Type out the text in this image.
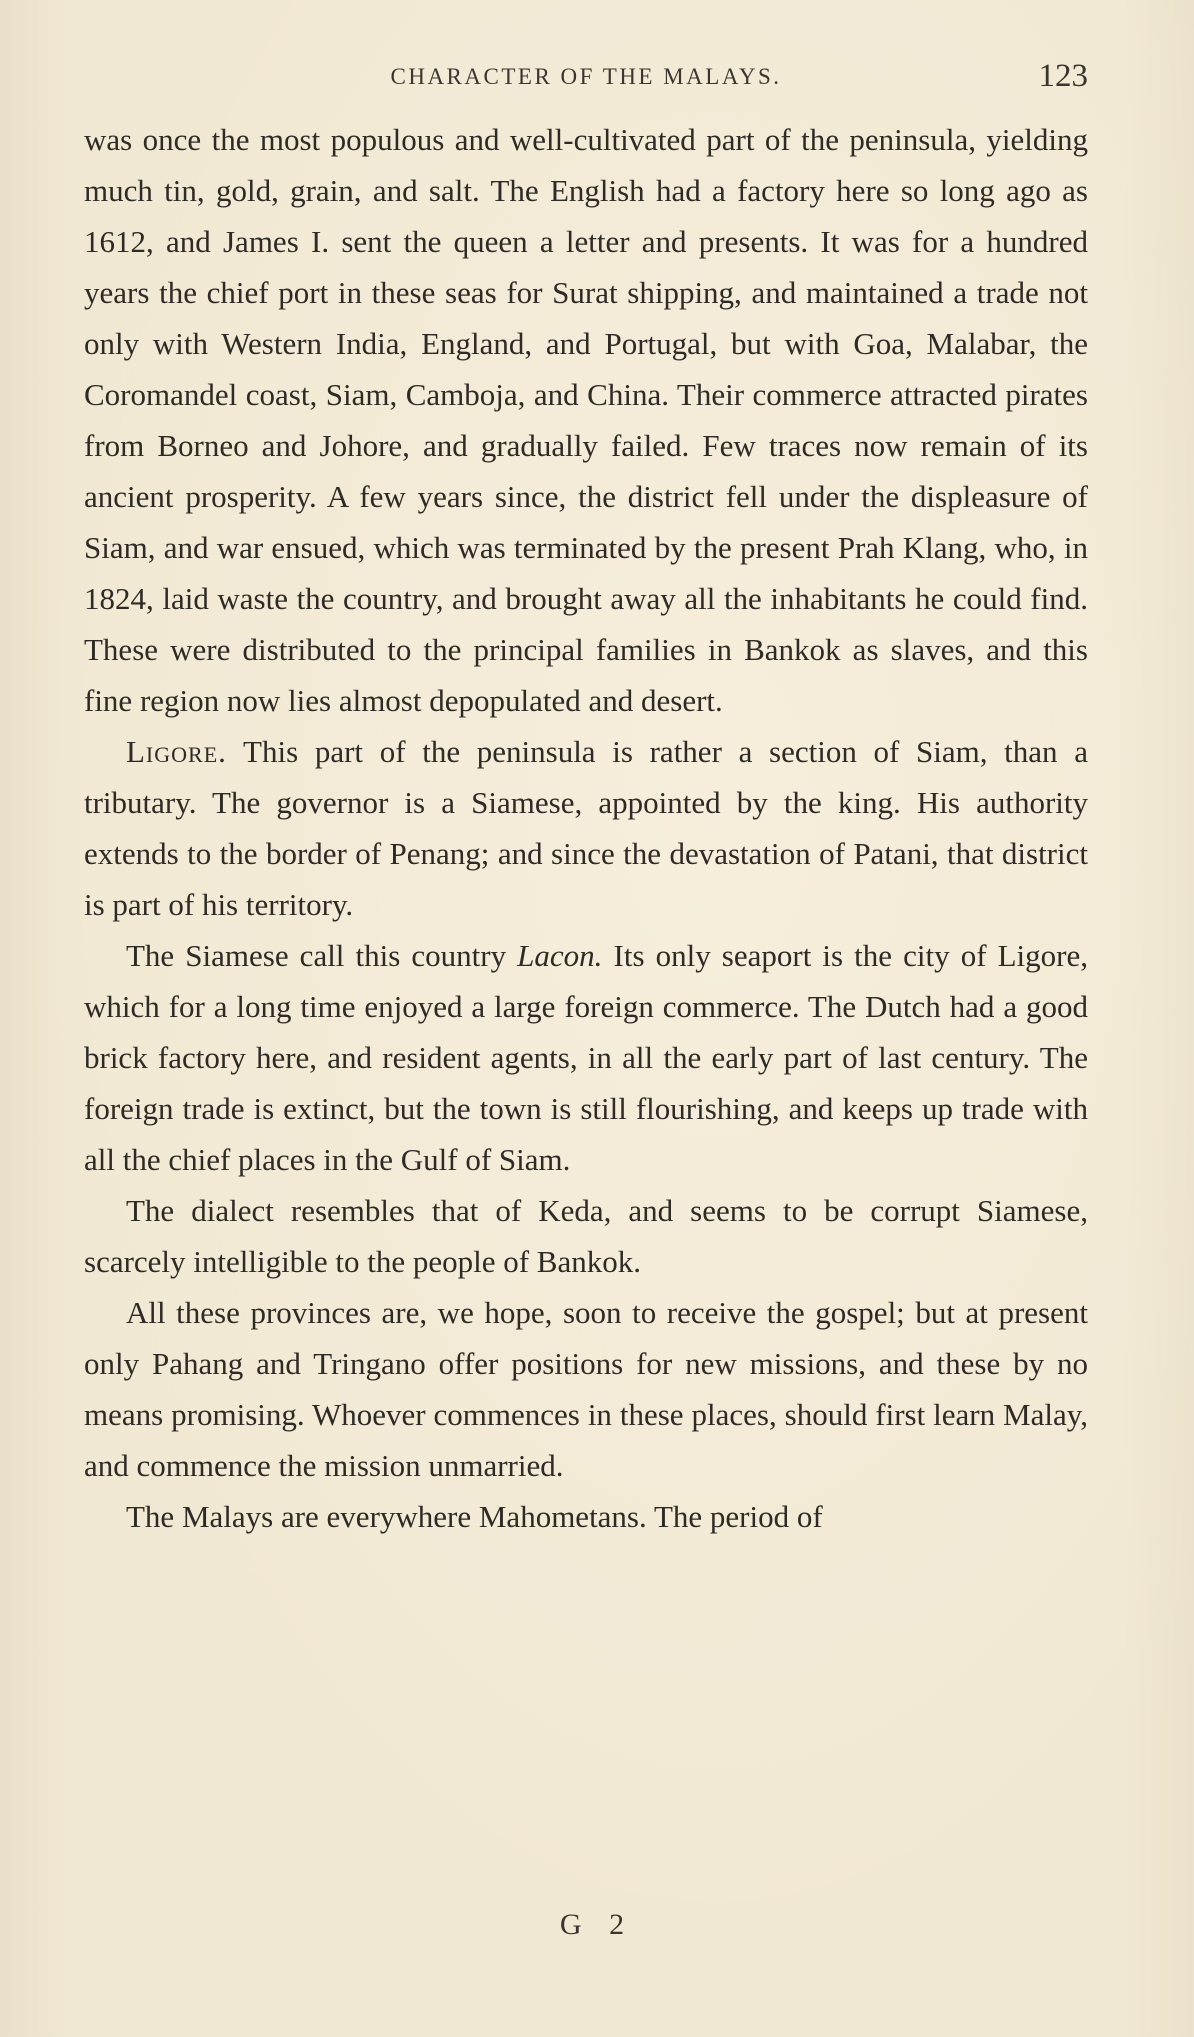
CHARACTER OF THE MALAYS.	123

was once the most populous and well-cultivated part of the peninsula, yielding much tin, gold, grain, and salt. The English had a factory here so long ago as 1612, and James I. sent the queen a letter and presents. It was for a hundred years the chief port in these seas for Surat shipping, and maintained a trade not only with Western India, England, and Portugal, but with Goa, Malabar, the Coromandel coast, Siam, Camboja, and China. Their commerce attracted pirates from Borneo and Johore, and gradually failed. Few traces now remain of its ancient prosperity. A few years since, the district fell under the displeasure of Siam, and war ensued, which was terminated by the present Prah Klang, who, in 1824, laid waste the country, and brought away all the inhabitants he could find. These were distributed to the principal families in Bankok as slaves, and this fine region now lies almost depopulated and desert.

Ligore. This part of the peninsula is rather a section of Siam, than a tributary. The governor is a Siamese, appointed by the king. His authority extends to the border of Penang; and since the devastation of Patani, that district is part of his territory.

The Siamese call this country Lacon. Its only seaport is the city of Ligore, which for a long time enjoyed a large foreign commerce. The Dutch had a good brick factory here, and resident agents, in all the early part of last century. The foreign trade is extinct, but the town is still flourishing, and keeps up trade with all the chief places in the Gulf of Siam.

The dialect resembles that of Keda, and seems to be corrupt Siamese, scarcely intelligible to the people of Bankok.

All these provinces are, we hope, soon to receive the gospel; but at present only Pahang and Tringano offer positions for new missions, and these by no means promising. Whoever commences in these places, should first learn Malay, and commence the mission unmarried.

The Malays are everywhere Mahometans. The period of

G 2
